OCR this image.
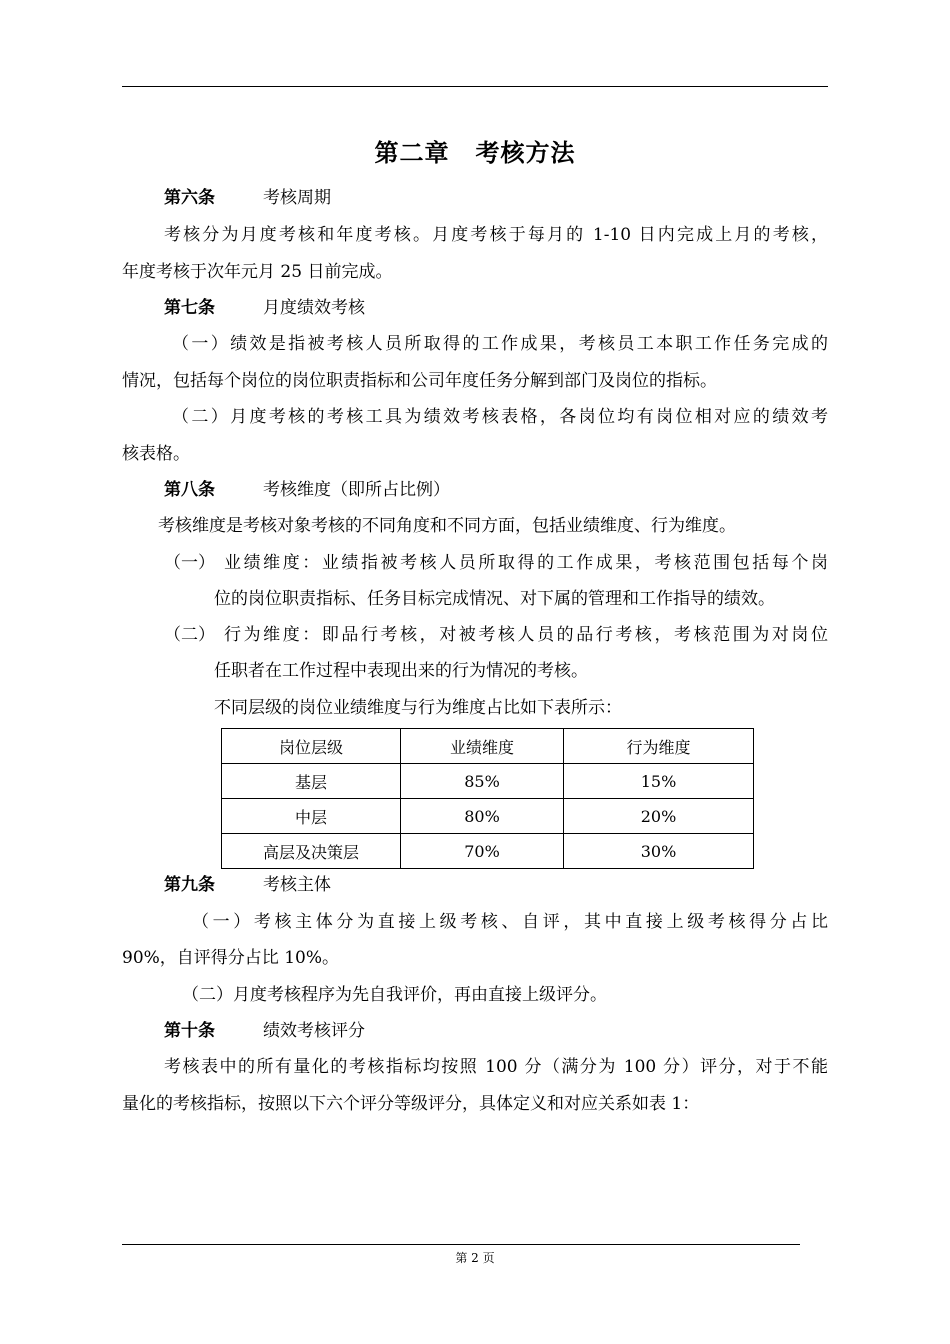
第二章 考核方法
第六条	考核周期
考核分为月度考核和年度考核。月度考核于每月的 1-10 日内完成上月的考核，
年度考核于次年元月 25 日前完成。
第七条	月度绩效考核
（一）绩效是指被考核人员所取得的工作成果，考核员工本职工作任务完成的
情况，包括每个岗位的岗位职责指标和公司年度任务分解到部门及岗位的指标。
（二）月度考核的考核工具为绩效考核表格，各岗位均有岗位相对应的绩效考
核表格。
第八条	考核维度（即所占比例）
考核维度是考核对象考核的不同角度和不同方面，包括业绩维度、行为维度。
（一） 业绩维度：业绩指被考核人员所取得的工作成果，考核范围包括每个岗
位的岗位职责指标、任务目标完成情况、对下属的管理和工作指导的绩效。
（二） 行为维度：即品行考核，对被考核人员的品行考核，考核范围为对岗位
任职者在工作过程中表现出来的行为情况的考核。
不同层级的岗位业绩维度与行为维度占比如下表所示：
岗位层级	业绩维度	行为维度
基层	85%	15%
中层	80%	20%
高层及决策层	70%	30%
第九条	考核主体
（一）考核主体分为直接上级考核、自评，其中直接上级考核得分占比
90%，自评得分占比 10%。
（二）月度考核程序为先自我评价，再由直接上级评分。
第十条	绩效考核评分
考核表中的所有量化的考核指标均按照 100 分（满分为 100 分）评分，对于不能
量化的考核指标，按照以下六个评分等级评分，具体定义和对应关系如表 1：
第 2 页
